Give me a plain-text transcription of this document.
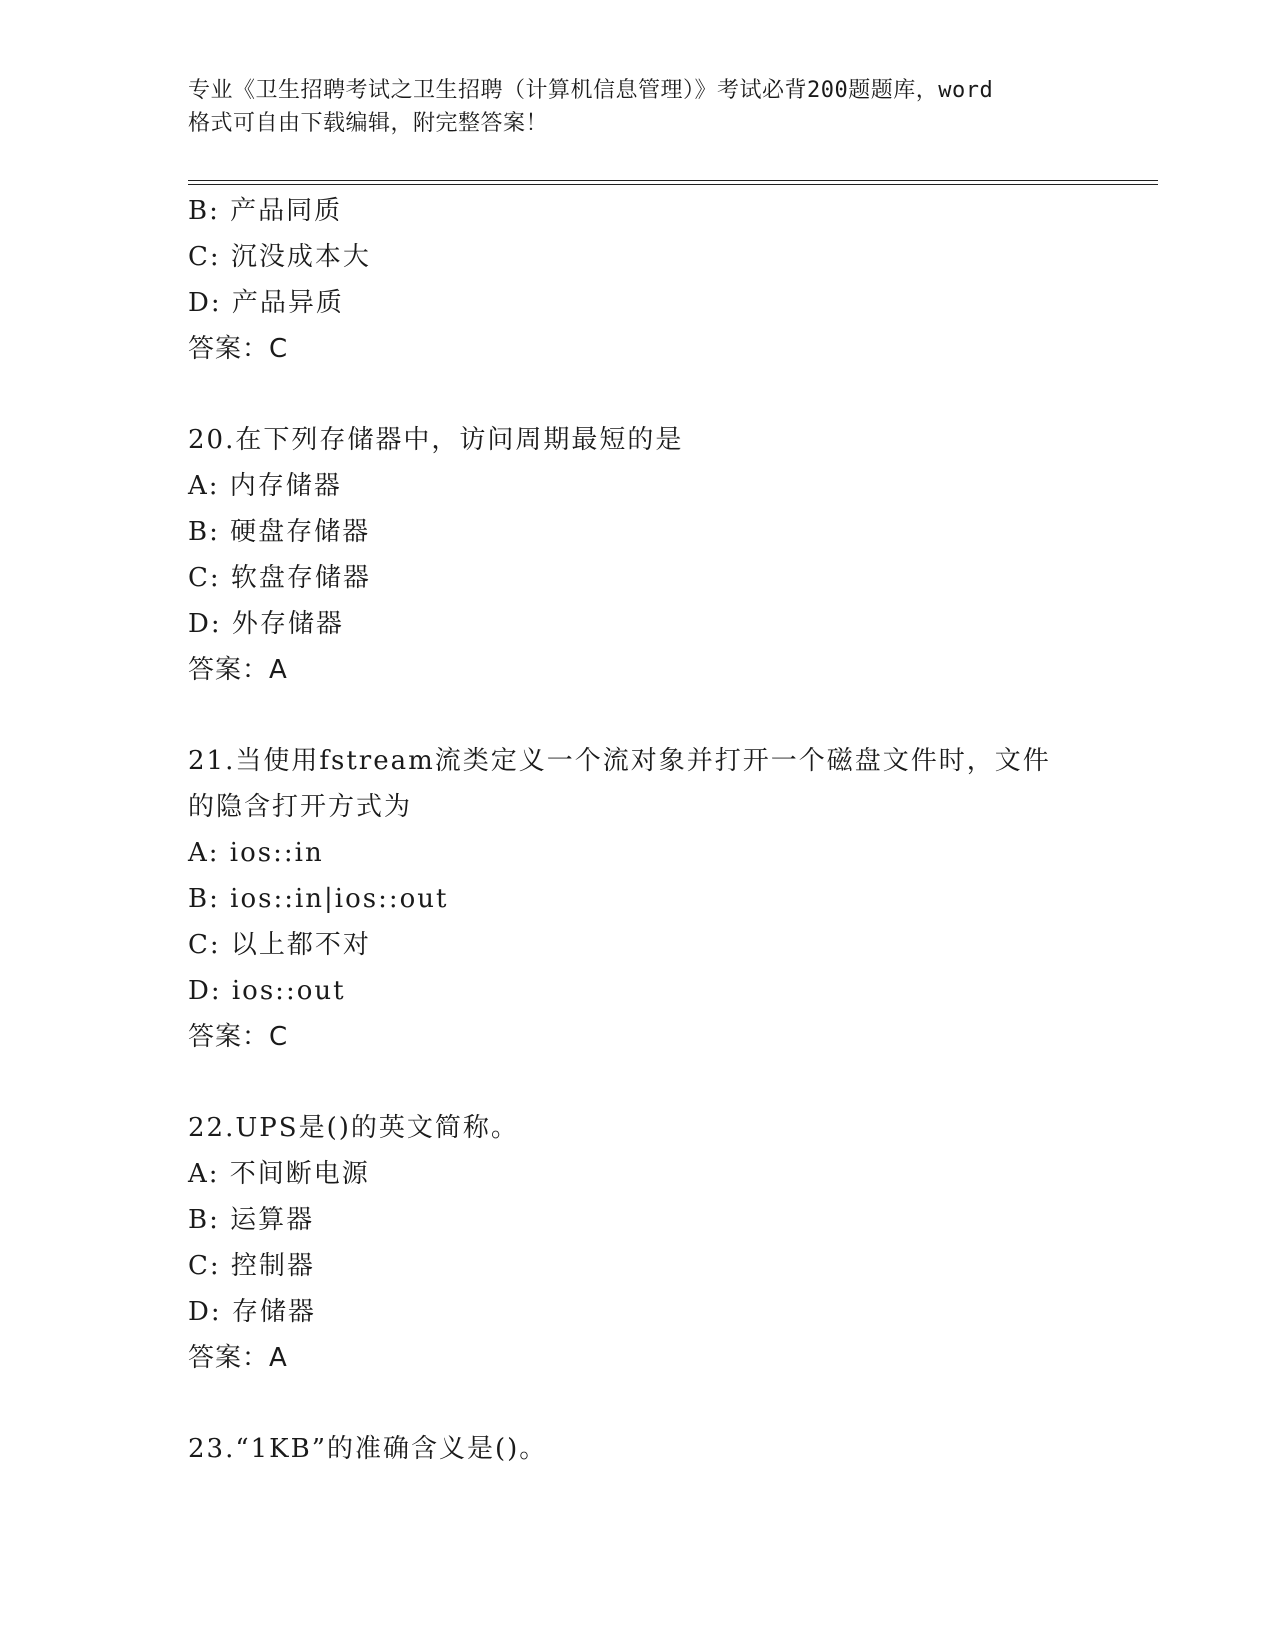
专业《卫生招聘考试之卫生招聘（计算机信息管理）》考试必背200题题库，word
格式可自由下载编辑，附完整答案！
B: 产品同质
C: 沉没成本大
D: 产品异质
答案：C
20.在下列存储器中，访问周期最短的是
A: 内存储器
B: 硬盘存储器
C: 软盘存储器
D: 外存储器
答案：A
21.当使用fstream流类定义一个流对象并打开一个磁盘文件时，文件
的隐含打开方式为
A: ios::in
B: ios::in|ios::out
C: 以上都不对
D: ios::out
答案：C
22.UPS是()的英文简称。
A: 不间断电源
B: 运算器
C: 控制器
D: 存储器
答案：A
23.“1KB”的准确含义是()。
